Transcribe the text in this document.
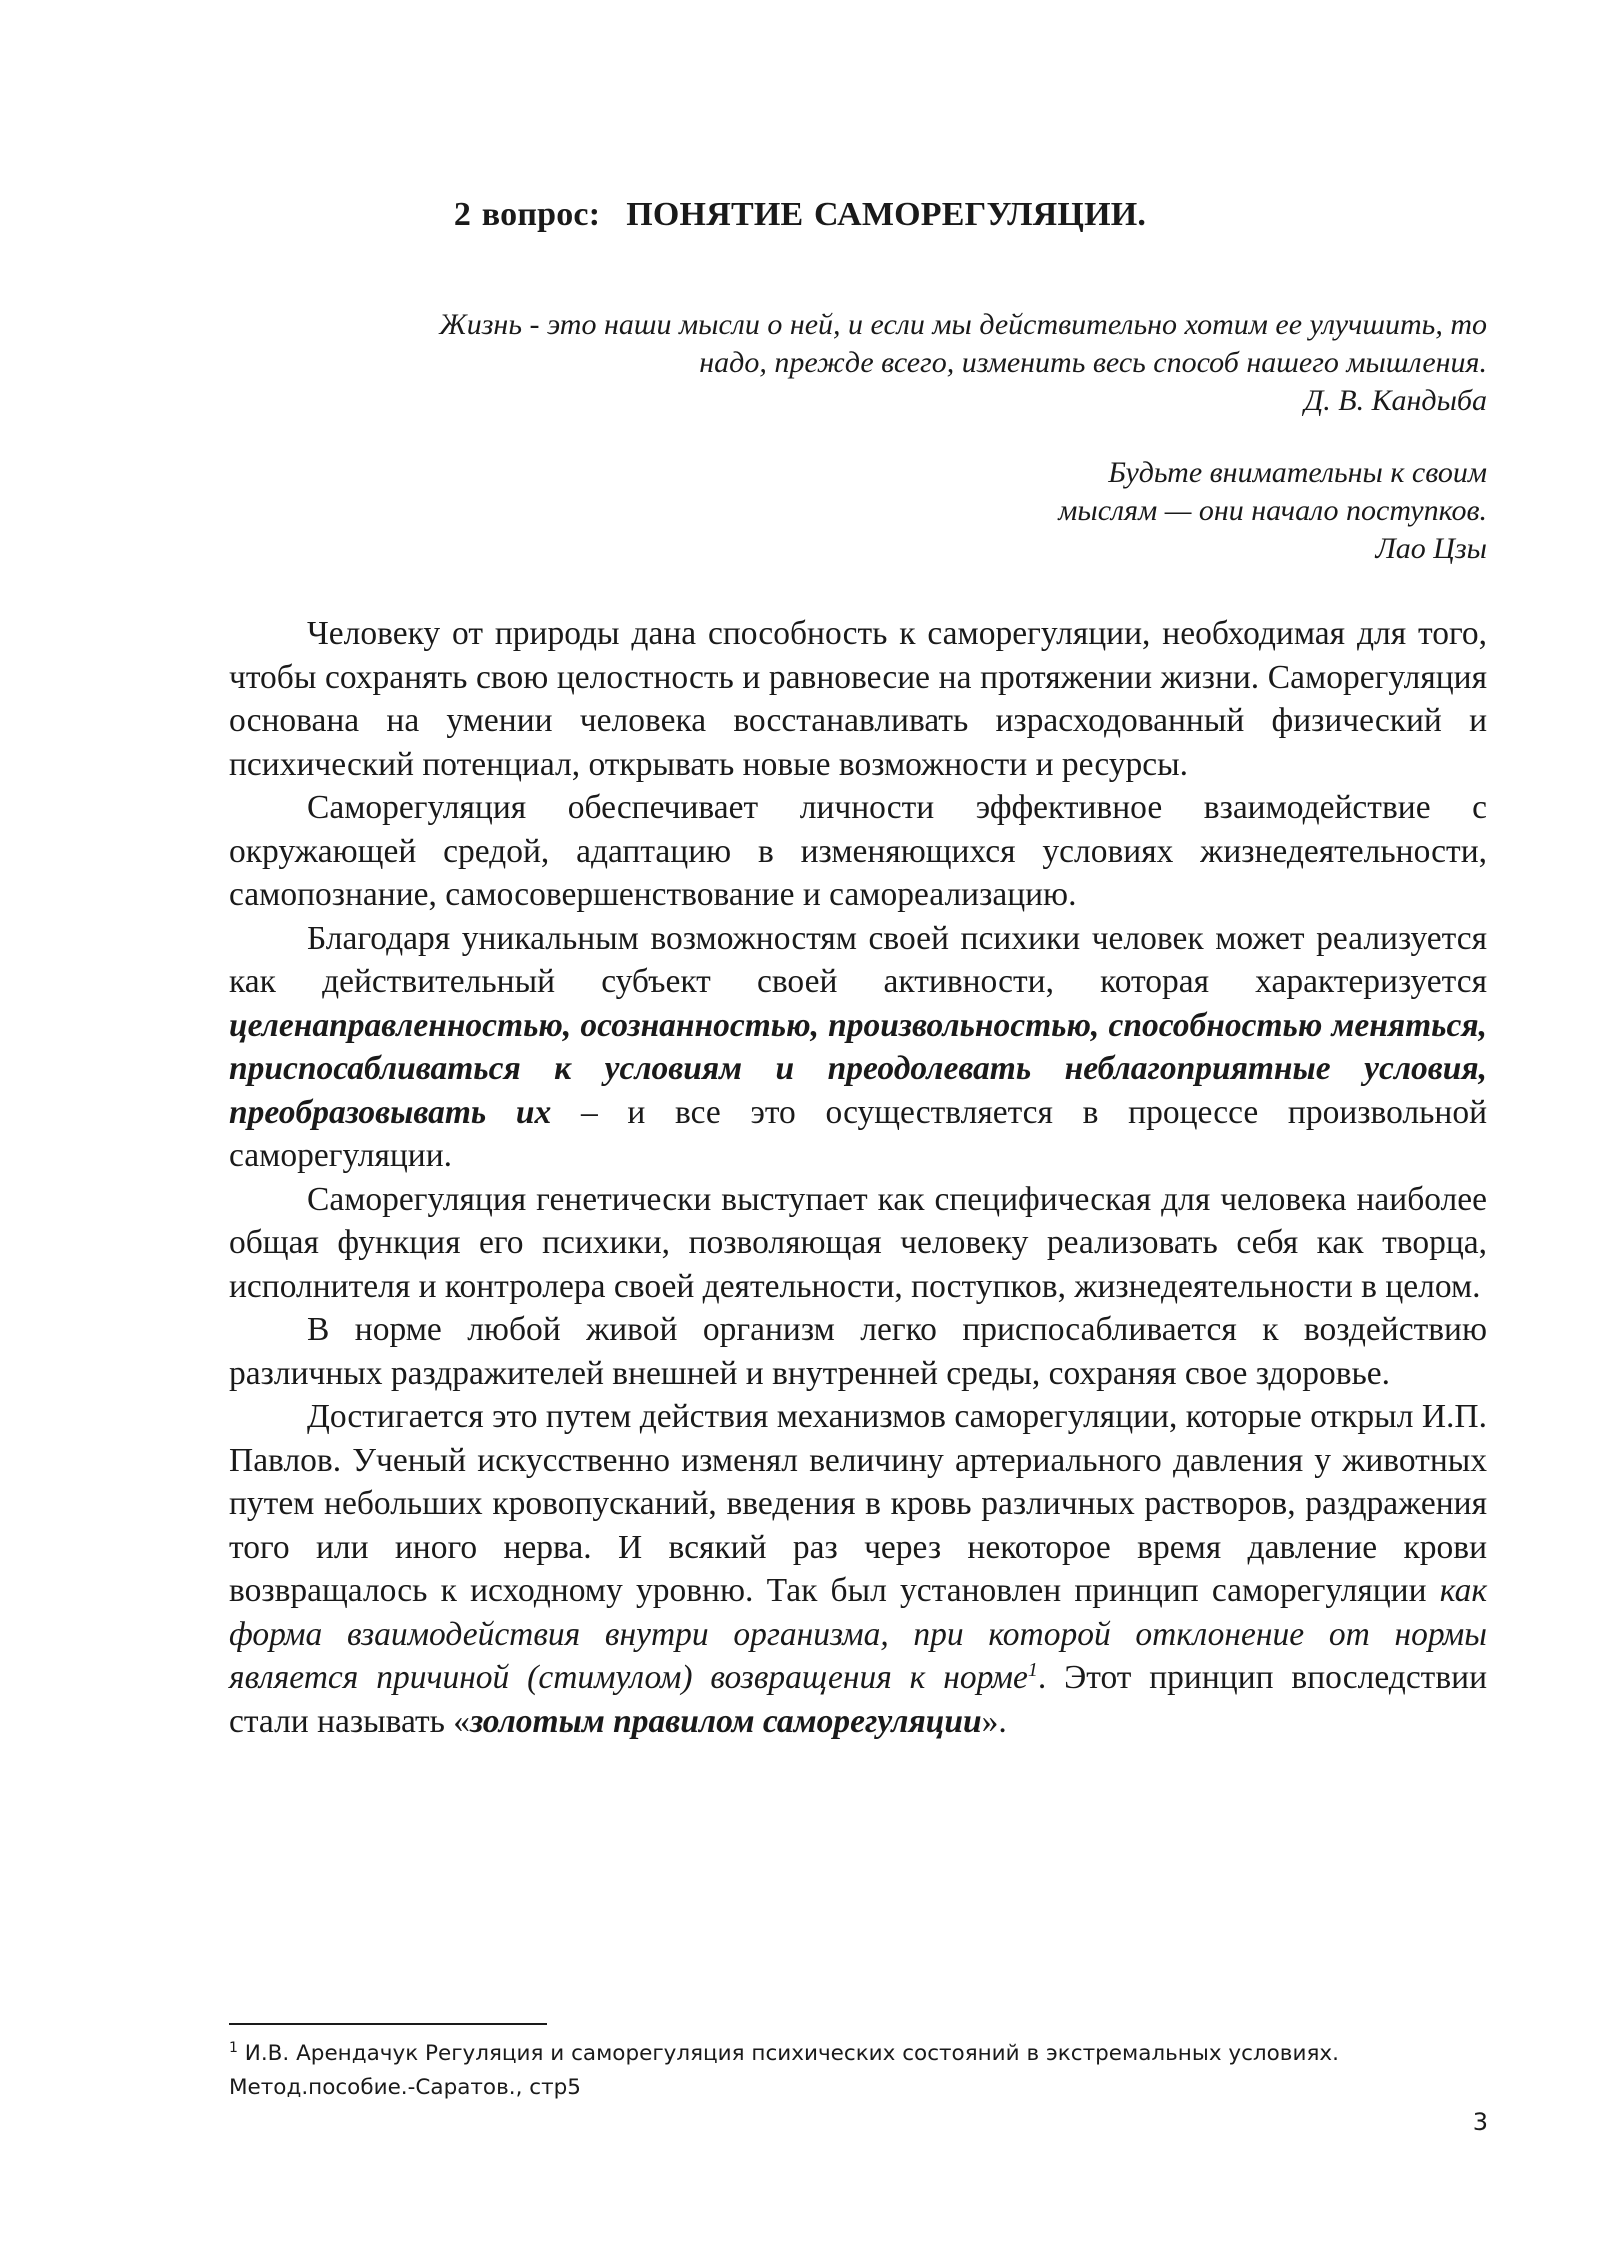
2 вопрос: ПОНЯТИЕ САМОРЕГУЛЯЦИИ.

Жизнь - это наши мысли о ней, и если мы действительно хотим ее улучшить, то

надо, прежде всего, изменить весь способ нашего мышления.

Д. В. Кандыба

Будьте внимательны к своим

мыслям — они начало поступков.

Лао Цзы

Человеку от природы дана способность к саморегуляции, необходимая для того, чтобы сохранять свою целостность и равновесие на протяжении жизни. Саморегуляция основана на умении человека восстанавливать израсходованный физический и психический потенциал, открывать новые возможности и ресурсы.

Саморегуляция обеспечивает личности эффективное взаимодействие с окружающей средой, адаптацию в изменяющихся условиях жизнедеятельности, самопознание, самосовершенствование и самореализацию.

Благодаря уникальным возможностям своей психики человек может реализуется как действительный субъект своей активности, которая характеризуется целенаправленностью, осознанностью, произвольностью, способностью меняться, приспосабливаться к условиям и преодолевать неблагоприятные условия, преобразовывать их – и все это осуществляется в процессе произвольной саморегуляции.

Саморегуляция генетически выступает как специфическая для человека наиболее общая функция его психики, позволяющая человеку реализовать себя как творца, исполнителя и контролера своей деятельности, поступков, жизнедеятельности в целом.

В норме любой живой организм легко приспосабливается к воздействию различных раздражителей внешней и внутренней среды, сохраняя свое здоровье.

Достигается это путем действия механизмов саморегуляции, которые открыл И.П. Павлов. Ученый искусственно изменял величину артериального давления у животных путем небольших кровопусканий, введения в кровь различных растворов, раздражения того или иного нерва. И всякий раз через некоторое время давление крови возвращалось к исходному уровню. Так был установлен принцип саморегуляции как форма взаимодействия внутри организма, при которой отклонение от нормы является причиной (стимулом) возвращения к норме$^1$. Этот принцип впоследствии стали называть «золотым правилом саморегуляции».

$^1$ И.В. Арендачук Регуляция и саморегуляция психических состояний в экстремальных условиях.
Метод.пособие.-Саратов., стр5
3
